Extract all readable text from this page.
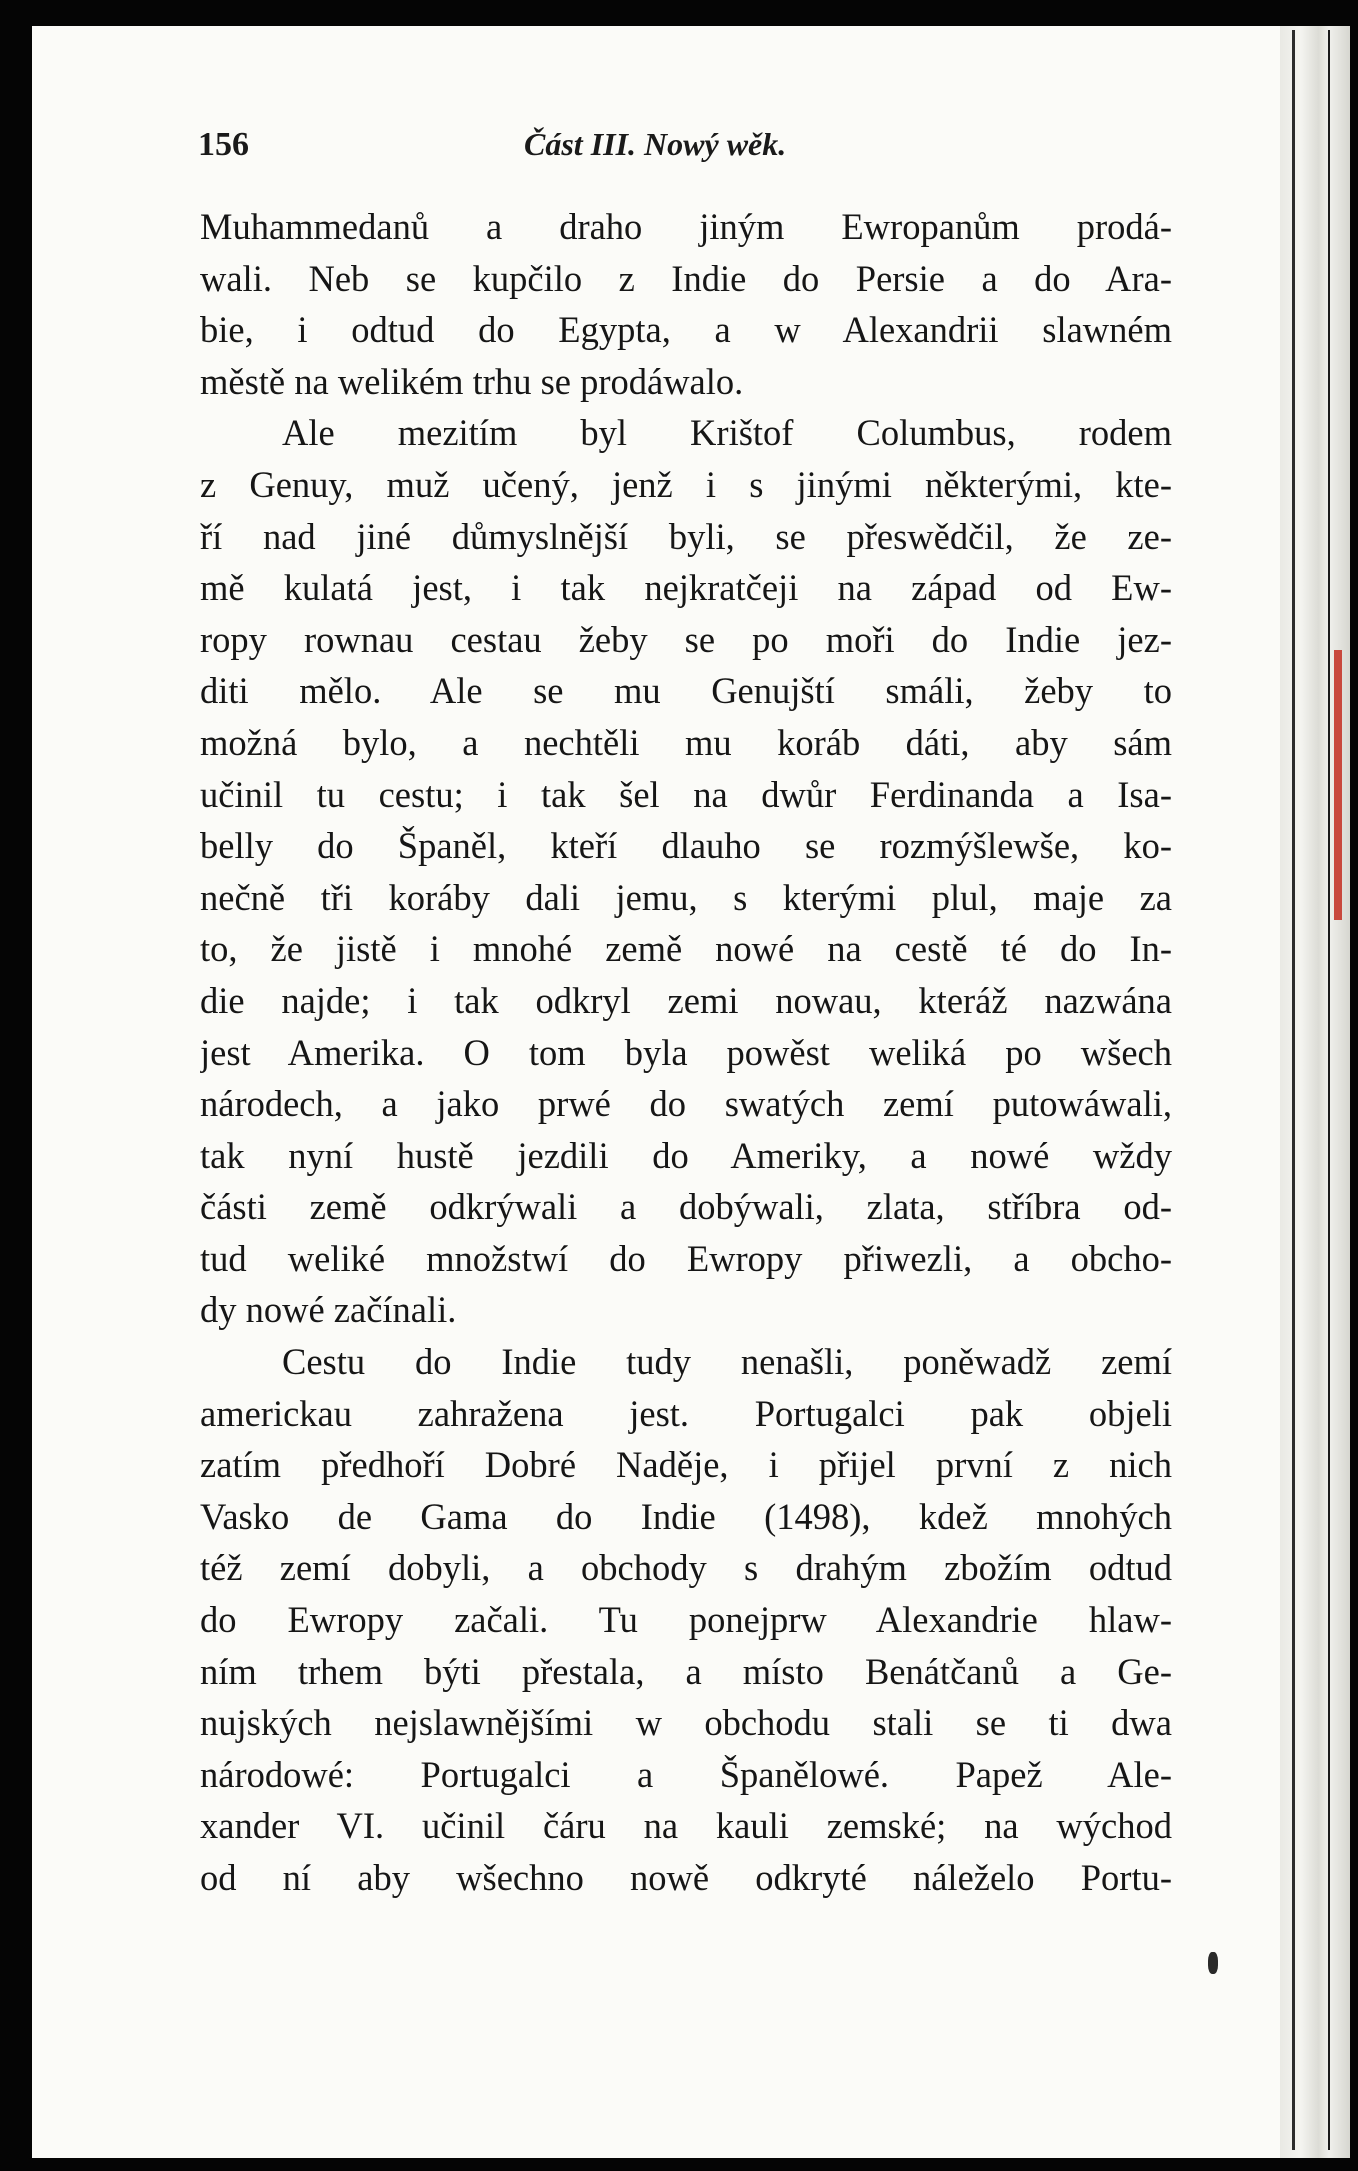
156	Část III. Nowý wěk.
Muhammedanů a draho jiným Ewropanům prodá-
wali. Neb se kupčilo z Indie do Persie a do Ara-
bie, i odtud do Egypta, a w Alexandrii slawném
městě na welikém trhu se prodáwalo.
Ale mezitím byl Krištof Columbus, rodem
z Genuy, muž učený, jenž i s jinými některými, kte-
ří nad jiné důmyslnější byli, se přeswědčil, že ze-
mě kulatá jest, i tak nejkratčeji na západ od Ew-
ropy rownau cestau žeby se po moři do Indie jez-
diti mělo. Ale se mu Genujští smáli, žeby to
možná bylo, a nechtěli mu koráb dáti, aby sám
učinil tu cestu; i tak šel na dwůr Ferdinanda a Isa-
belly do Španěl, kteří dlauho se rozmýšlewše, ko-
nečně tři koráby dali jemu, s kterými plul, maje za
to, že jistě i mnohé země nowé na cestě té do In-
die najde; i tak odkryl zemi nowau, kteráž nazwána
jest Amerika. O tom byla powěst weliká po wšech
národech, a jako prwé do swatých zemí putowáwali,
tak nyní hustě jezdili do Ameriky, a nowé wždy
části země odkrýwali a dobýwali, zlata, stříbra od-
tud weliké množstwí do Ewropy přiwezli, a obcho-
dy nowé začínali.
Cestu do Indie tudy nenašli, poněwadž zemí
americkau zahražena jest. Portugalci pak objeli
zatím předhoří Dobré Naděje, i přijel první z nich
Vasko de Gama do Indie (1498), kdež mnohých
též zemí dobyli, a obchody s drahým zbožím odtud
do Ewropy začali. Tu ponejprw Alexandrie hlaw-
ním trhem býti přestala, a místo Benátčanů a Ge-
nujských nejslawnějšími w obchodu stali se ti dwa
národowé: Portugalci a Španělowé. Papež Ale-
xander VI. učinil čáru na kauli zemské; na wýchod
od ní aby wšechno nowě odkryté náleželo Portu-
